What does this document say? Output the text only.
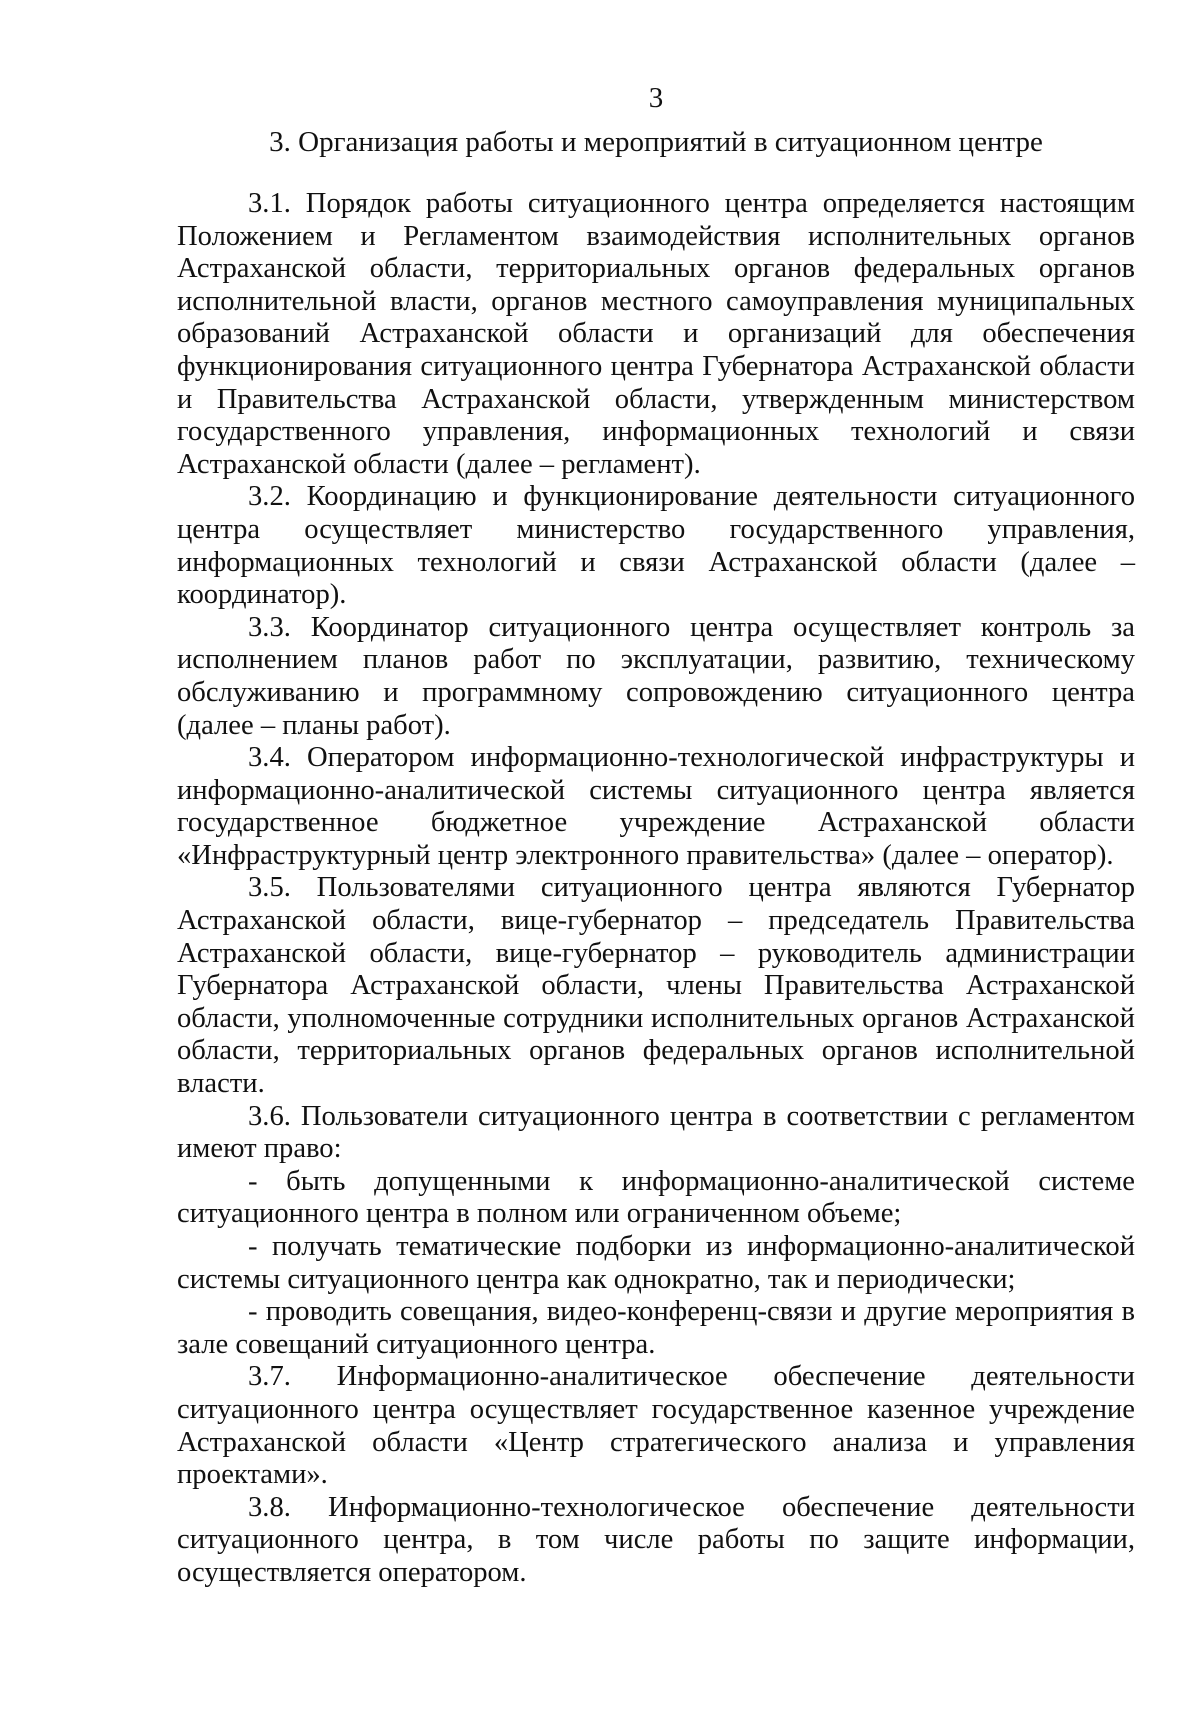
3
3. Организация работы и мероприятий в ситуационном центре

3.1. Порядок работы ситуационного центра определяется настоящим Положением и Регламентом взаимодействия исполнительных органов Астраханской области, территориальных органов федеральных органов исполнительной власти, органов местного самоуправления муниципальных образований Астраханской области и организаций для обеспечения функционирования ситуационного центра Губернатора Астраханской области и Правительства Астраханской области, утвержденным министерством государственного управления, информационных технологий и связи Астраханской области (далее – регламент).

3.2. Координацию и функционирование деятельности ситуационного центра осуществляет министерство государственного управления, информационных технологий и связи Астраханской области (далее – координатор).

3.3. Координатор ситуационного центра осуществляет контроль за исполнением планов работ по эксплуатации, развитию, техническому обслуживанию и программному сопровождению ситуационного центра (далее – планы работ).

3.4. Оператором информационно-технологической инфраструктуры и информационно-аналитической системы ситуационного центра является государственное бюджетное учреждение Астраханской области «Инфраструктурный центр электронного правительства» (далее – оператор).

3.5. Пользователями ситуационного центра являются Губернатор Астраханской области, вице-губернатор – председатель Правительства Астраханской области, вице-губернатор – руководитель администрации Губернатора Астраханской области, члены Правительства Астраханской области, уполномоченные сотрудники исполнительных органов Астраханской области, территориальных органов федеральных органов исполнительной власти.

3.6. Пользователи ситуационного центра в соответствии с регламентом имеют право:

- быть допущенными к информационно-аналитической системе ситуационного центра в полном или ограниченном объеме;

- получать тематические подборки из информационно-аналитической системы ситуационного центра как однократно, так и периодически;

- проводить совещания, видео-конференц-связи и другие мероприятия в зале совещаний ситуационного центра.

3.7. Информационно-аналитическое обеспечение деятельности ситуационного центра осуществляет государственное казенное учреждение Астраханской области «Центр стратегического анализа и управления проектами».

3.8. Информационно-технологическое обеспечение деятельности ситуационного центра, в том числе работы по защите информации, осуществляется оператором.
